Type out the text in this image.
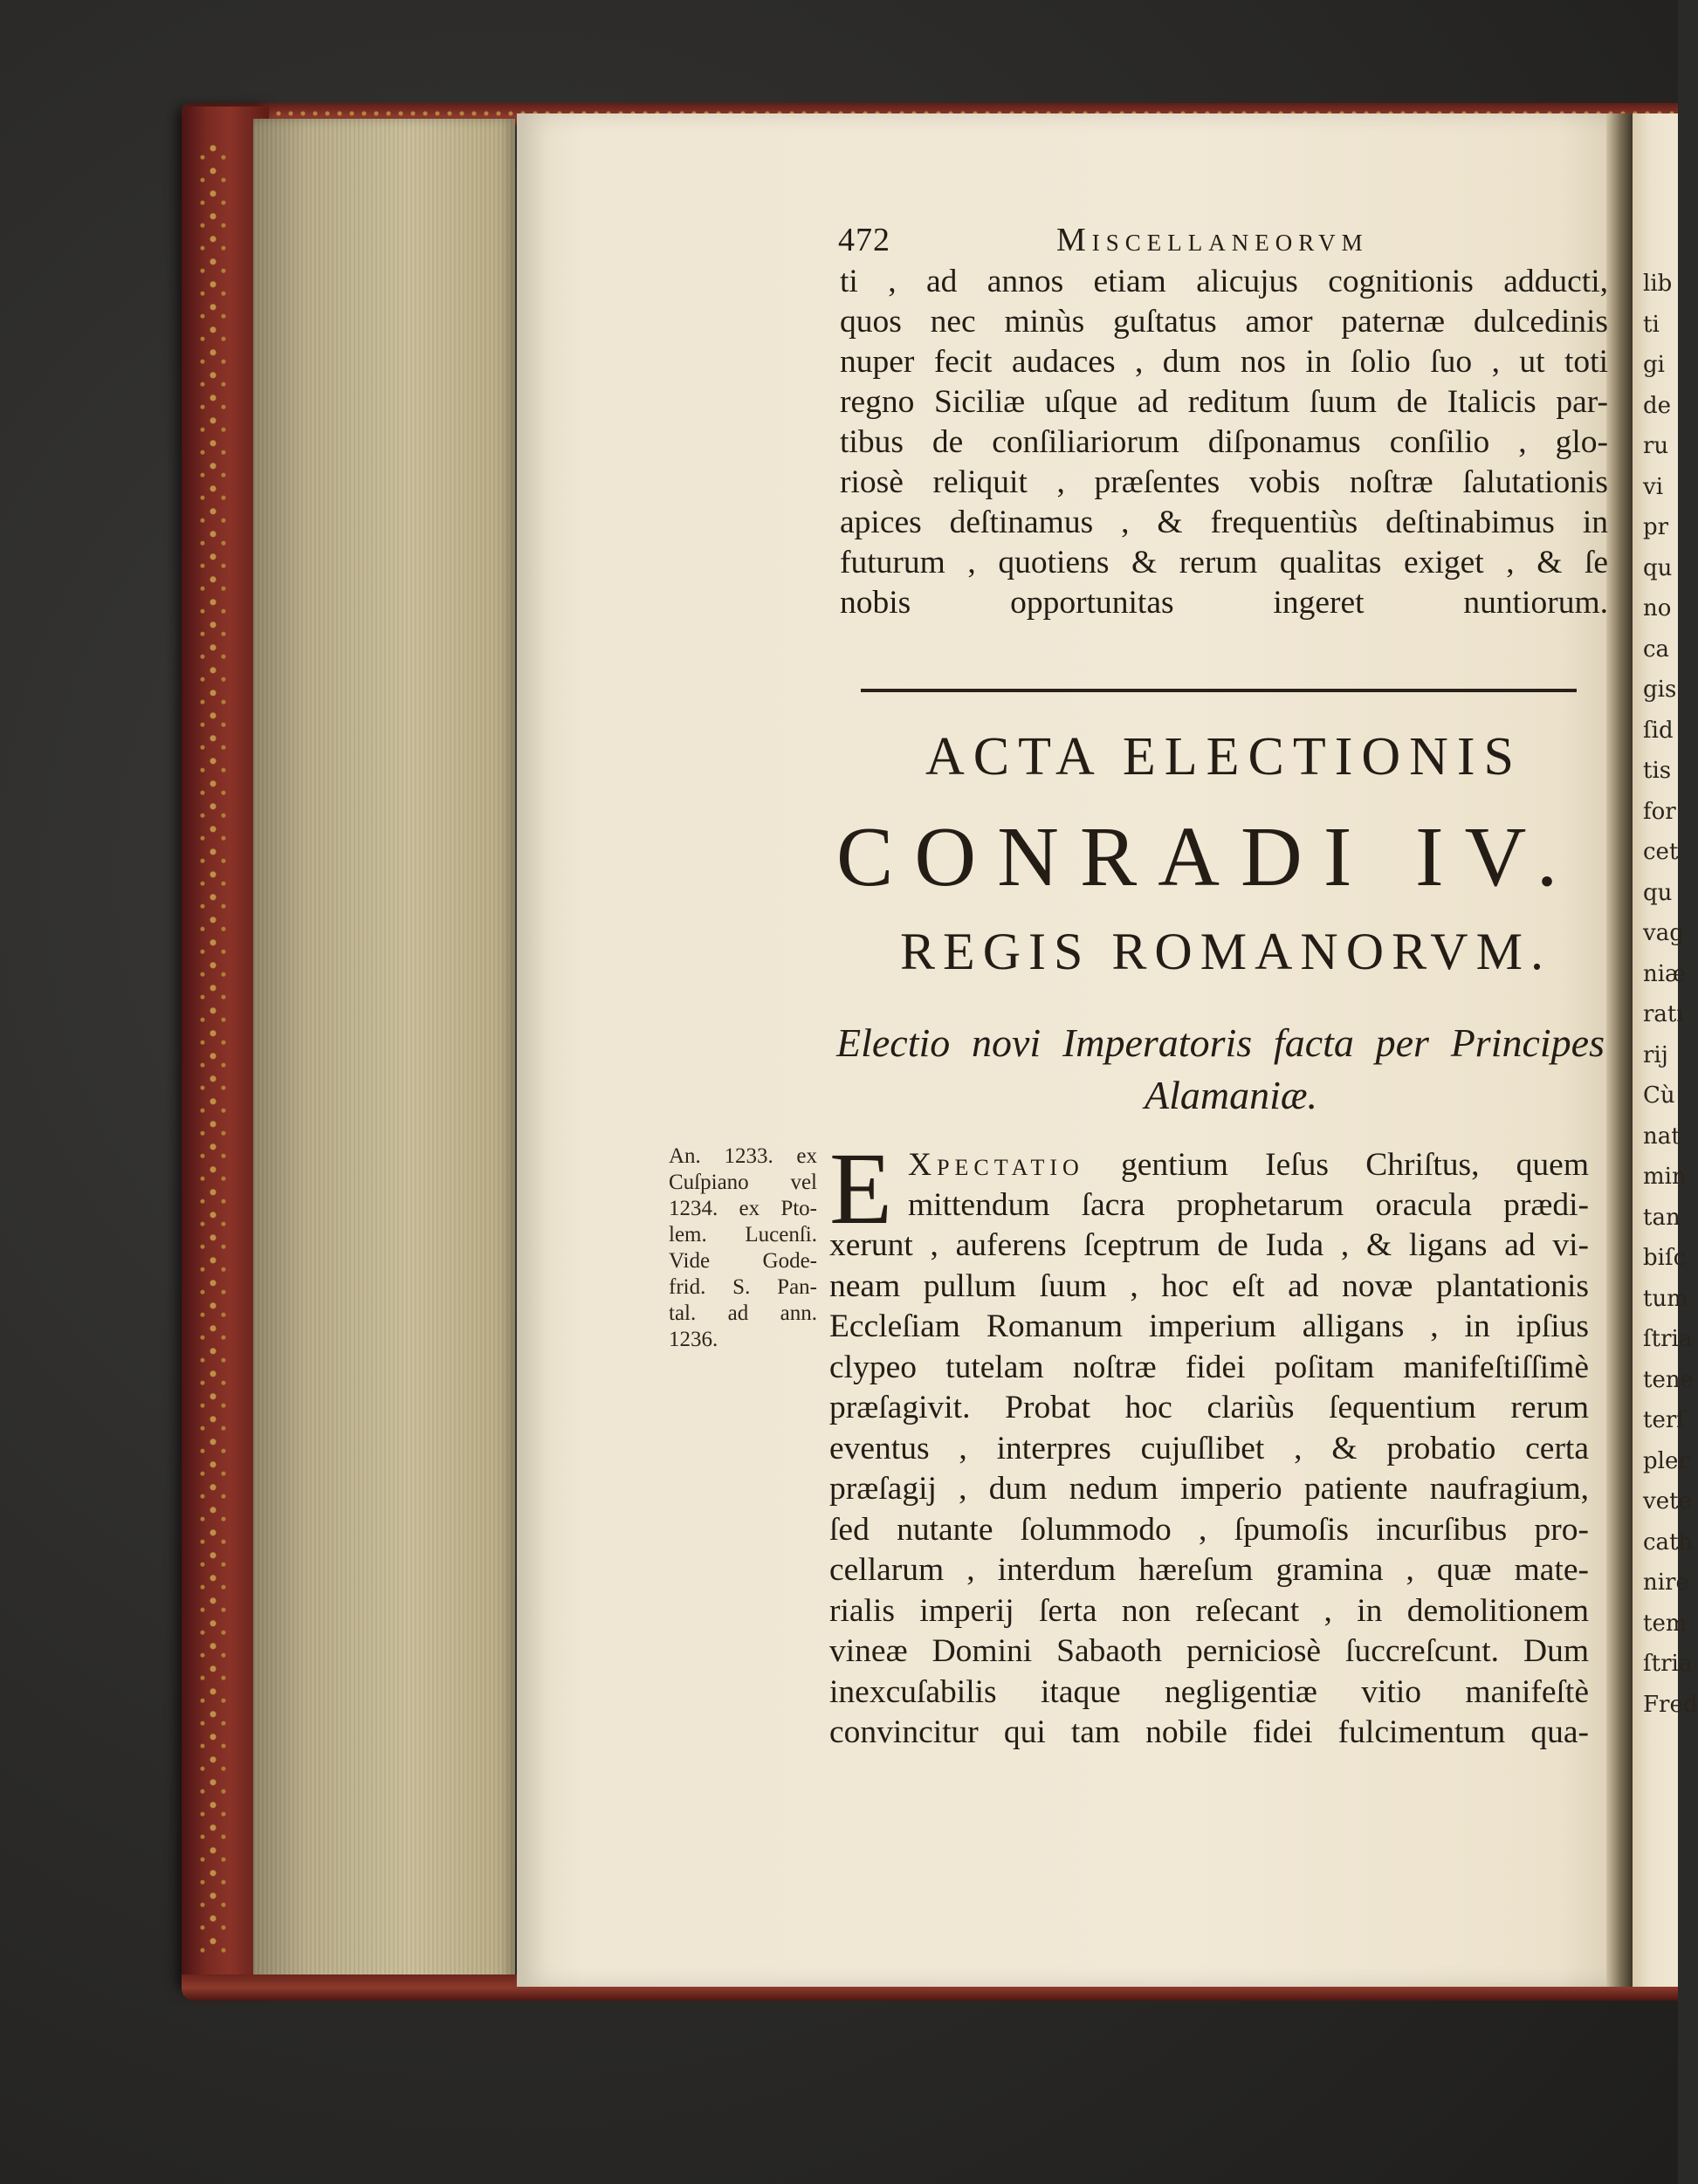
lib
ti
gi
de
ru
vi
pr
qu
no
ca
gis
ſid
tis
for
cet
qu
vag
niæ
rati
rij
Cù
nat
min
tan
biſc
tum
ſtria
tene
terſ
pler
vete
cath
nire
tem
ſtria
Fred
472	Miscellaneorvm
ti , ad annos etiam alicujus cognitionis adducti,
quos nec minùs guſtatus amor paternæ dulcedinis
nuper fecit audaces , dum nos in ſolio ſuo , ut toti
regno Siciliæ uſque ad reditum ſuum de Italicis par-
tibus de conſiliariorum diſponamus conſilio , glo-
riosè reliquit , præſentes vobis noſtræ ſalutationis
apices deſtinamus , & frequentiùs deſtinabimus in
futurum , quotiens & rerum qualitas exiget , & ſe
nobis opportunitas ingeret nuntiorum.
ACTA ELECTIONIS
CONRADI IV.
REGIS ROMANORVM.
Electio novi Imperatoris facta per Principes
Alamaniæ.
An. 1233. ex
Cuſpiano vel
1234. ex Pto-
lem. Lucenſi.
Vide Gode-
frid. S. Pan-
tal. ad ann.
1236.
E Xpectatio gentium Ieſus Chriſtus, quem
mittendum ſacra prophetarum oracula prædi-
xerunt , auferens ſceptrum de Iuda , & ligans ad vi-
neam pullum ſuum , hoc eſt ad novæ plantationis
Eccleſiam Romanum imperium alligans , in ipſius
clypeo tutelam noſtræ fidei poſitam manifeſtiſſimè
præſagivit. Probat hoc clariùs ſequentium rerum
eventus , interpres cujuſlibet , & probatio certa
præſagij , dum nedum imperio patiente naufragium,
ſed nutante ſolummodo , ſpumoſis incurſibus pro-
cellarum , interdum hæreſum gramina , quæ mate-
rialis imperij ſerta non reſecant , in demolitionem
vineæ Domini Sabaoth perniciosè ſuccreſcunt. Dum
inexcuſabilis itaque negligentiæ vitio manifeſtè
convincitur qui tam nobile fidei fulcimentum qua-
